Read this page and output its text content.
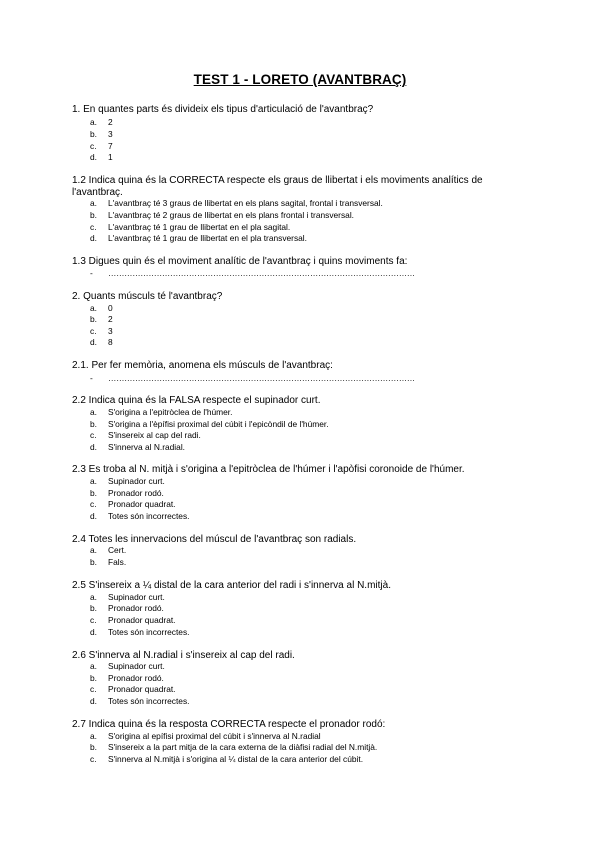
TEST 1 - LORETO (AVANTBRAÇ)
1. En quantes parts és divideix els tipus d'articulació de l'avantbraç?
a.	2
b.	3
c.	7
d.	1
1.2 Indica quina és la CORRECTA respecte els graus de llibertat i els moviments analítics de l'avantbraç.
a.	L'avantbraç té 3 graus de llibertat en els plans sagital, frontal i transversal.
b.	L'avantbraç té 2 graus de llibertat en els plans frontal i transversal.
c.	L'avantbraç té 1 grau de llibertat en el pla sagital.
d.	L'avantbraç té 1 grau de llibertat en el pla transversal.
1.3 Digues quin és el moviment analític de l'avantbraç i quins moviments fa:
- ……………………………………………………………………………………………………
2. Quants músculs té l'avantbraç?
a.	0
b.	2
c.	3
d.	8
2.1. Per fer memòria, anomena els músculs de l'avantbraç:
- ……………………………………………………………………………………………………
2.2 Indica quina és la FALSA respecte el supinador curt.
a.	S'origina a l'epitròclea de l'húmer.
b.	S'origina a l'èpífisi proximal del cúbit i l'epicòndil de l'húmer.
c.	S'insereix al cap del radi.
d.	S'innerva al N.radial.
2.3 Es troba al N. mitjà i s'origina a l'epitròclea de l'húmer i l'apòfisi coronoide de l'húmer.
a.	Supinador curt.
b.	Pronador rodó.
c.	Pronador quadrat.
d.	Totes són incorrectes.
2.4 Totes les innervacions del múscul de l'avantbraç son radials.
a.	Cert.
b.	Fals.
2.5 S'insereix a ¼ distal de la cara anterior del radi i s'innerva al N.mitjà.
a.	Supinador curt.
b.	Pronador rodó.
c.	Pronador quadrat.
d.	Totes són incorrectes.
2.6 S'innerva al N.radial i s'insereix al cap del radi.
a.	Supinador curt.
b.	Pronador rodó.
c.	Pronador quadrat.
d.	Totes són incorrectes.
2.7 Indica quina és la resposta CORRECTA respecte el pronador rodó:
a.	S'origina al epífisi proximal del cúbit i s'innerva al N.radial
b.	S'insereix a la part mitja de la cara externa de la diàfisi radial del N.mitjà.
c.	S'innerva al N.mitjà i s'origina al ¼ distal de la cara anterior del cúbit.
